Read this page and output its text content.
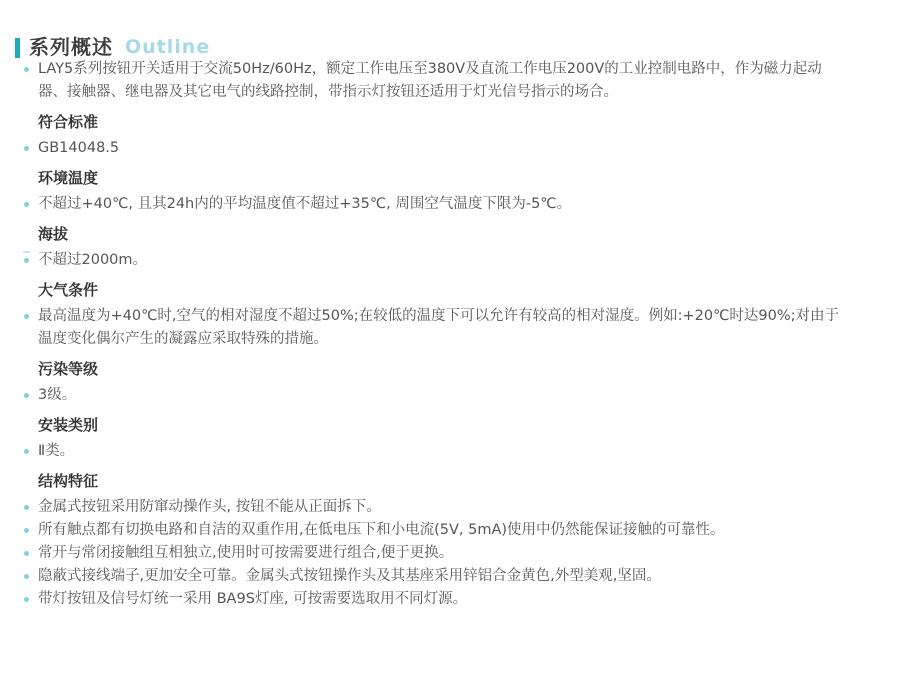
系列概述 Outline
LAY5系列按钮开关适用于交流50Hz/60Hz，额定工作电压至380V及直流工作电压200V的工业控制电路中，作为磁力起动器、接触器、继电器及其它电气的线路控制，带指示灯按钮还适用于灯光信号指示的场合。
符合标准
GB14048.5
环境温度
不超过+40℃, 且其24h内的平均温度值不超过+35℃, 周围空气温度下限为-5℃。
海拔
不超过2000m。
大气条件
最高温度为+40℃时,空气的相对湿度不超过50%;在较低的温度下可以允许有较高的相对湿度。例如:+20℃时达90%;对由于温度变化偶尔产生的凝露应采取特殊的措施。
污染等级
3级。
安装类别
Ⅱ类。
结构特征
金属式按钮采用防窜动操作头, 按钮不能从正面拆下。
所有触点都有切换电路和自洁的双重作用,在低电压下和小电流(5V, 5mA)使用中仍然能保证接触的可靠性。
常开与常闭接触组互相独立,使用时可按需要进行组合,便于更换。
隐蔽式接线端子,更加安全可靠。金属头式按钮操作头及其基座采用锌铝合金黄色,外型美观,坚固。
带灯按钮及信号灯统一采用 BA9S灯座, 可按需要选取用不同灯源。
